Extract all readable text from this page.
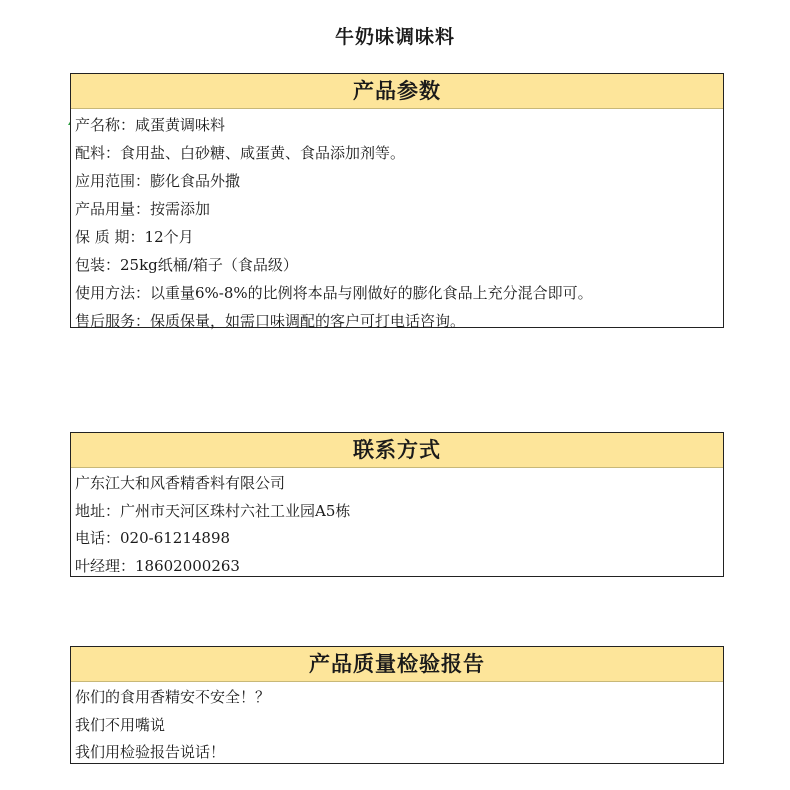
牛奶味调味料
产品参数
产名称：咸蛋黄调味料
配料：食用盐、白砂糖、咸蛋黄、食品添加剂等。
应用范围：膨化食品外撒
产品用量：按需添加
保 质 期：12个月
包装：25kg纸桶/箱子（食品级）
使用方法：以重量6%-8%的比例将本品与刚做好的膨化食品上充分混合即可。
售后服务：保质保量，如需口味调配的客户可打电话咨询。
联系方式
广东江大和风香精香料有限公司
地址：广州市天河区珠村六社工业园A5栋
电话：020-61214898
叶经理：18602000263
产品质量检验报告
你们的食用香精安不安全！？
我们不用嘴说
我们用检验报告说话！
